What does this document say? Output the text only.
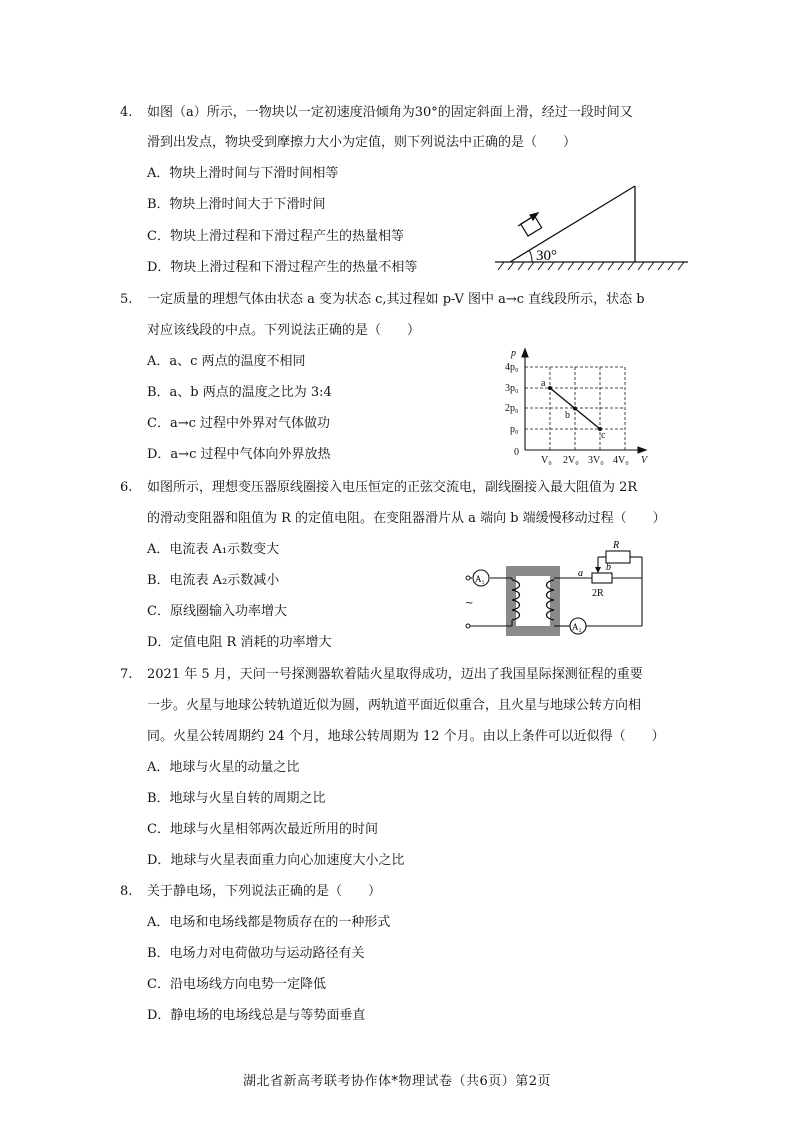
4. 如图（a）所示，一物块以一定初速度沿倾角为30°的固定斜面上滑，经过一段时间又
滑到出发点，物块受到摩擦力大小为定值，则下列说法中正确的是（　　）
A．物块上滑时间与下滑时间相等
B．物块上滑时间大于下滑时间
C．物块上滑过程和下滑过程产生的热量相等
D．物块上滑过程和下滑过程产生的热量不相等
30°
5. 一定质量的理想气体由状态 a 变为状态 c,其过程如 p-V 图中 a→c 直线段所示，状态 b
对应该线段的中点。下列说法正确的是（　　）
A．a、c 两点的温度不相同
B．a、b 两点的温度之比为 3:4
C．a→c 过程中外界对气体做功
D．a→c 过程中气体向外界放热
p
V
0
4p₀
3p₀
2p₀
p₀
V₀ 2V₀ 3V₀ 4V₀
a
b
c
6. 如图所示，理想变压器原线圈接入电压恒定的正弦交流电，副线圈接入最大阻值为 2R
的滑动变阻器和阻值为 R 的定值电阻。在变阻器滑片从 a 端向 b 端缓慢移动过程（　　）
A．电流表 A₁示数变大
B．电流表 A₂示数减小
C．原线圈输入功率增大
D．定值电阻 R 消耗的功率增大
~
A₁
R
a
b
2R
A₂
7. 2021 年 5 月，天问一号探测器软着陆火星取得成功，迈出了我国星际探测征程的重要
一步。火星与地球公转轨道近似为圆，两轨道平面近似重合，且火星与地球公转方向相
同。火星公转周期约 24 个月，地球公转周期为 12 个月。由以上条件可以近似得（　　）
A．地球与火星的动量之比
B．地球与火星自转的周期之比
C．地球与火星相邻两次最近所用的时间
D．地球与火星表面重力向心加速度大小之比
8. 关于静电场，下列说法正确的是（　　）
A．电场和电场线都是物质存在的一种形式
B．电场力对电荷做功与运动路径有关
C．沿电场线方向电势一定降低
D．静电场的电场线总是与等势面垂直
湖北省新高考联考协作体*物理试卷（共6页）第2页
